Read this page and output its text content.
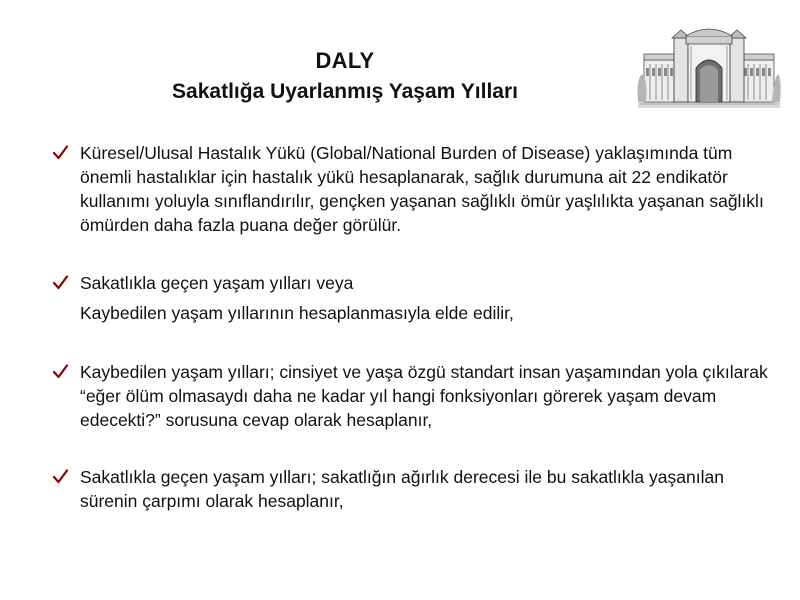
DALY
Sakatlığa Uyarlanmış Yaşam Yılları

Küresel/Ulusal Hastalık Yükü (Global/National Burden of Disease) yaklaşımında tüm önemli hastalıklar için hastalık yükü hesaplanarak, sağlık durumuna ait 22 endikatör kullanımı yoluyla sınıflandırılır, gençken yaşanan sağlıklı ömür yaşlılıkta yaşanan sağlıklı ömürden daha fazla puana değer görülür.

Sakatlıkla geçen yaşam yılları veya

Kaybedilen yaşam yıllarının hesaplanmasıyla elde edilir,

Kaybedilen yaşam yılları; cinsiyet ve yaşa özgü standart insan yaşamından yola çıkılarak “eğer ölüm olmasaydı daha ne kadar yıl hangi fonksiyonları görerek yaşam devam edecekti?” sorusuna cevap olarak hesaplanır,

Sakatlıkla geçen yaşam yılları; sakatlığın ağırlık derecesi ile bu sakatlıkla yaşanılan sürenin çarpımı olarak hesaplanır,
